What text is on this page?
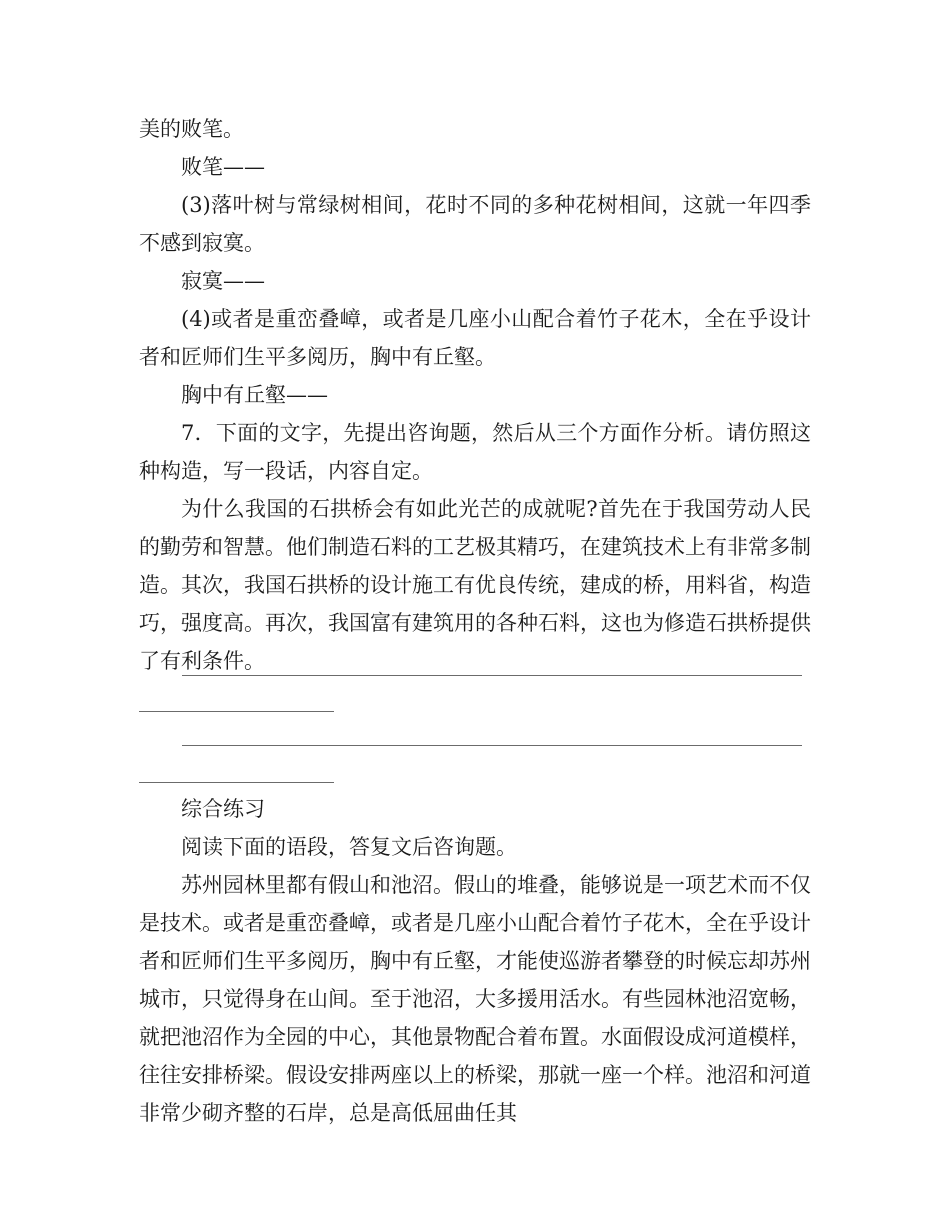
美的败笔。

败笔——

(3)落叶树与常绿树相间，花时不同的多种花树相间，这就一年四季不感到寂寞。

寂寞——

(4)或者是重峦叠嶂，或者是几座小山配合着竹子花木，全在乎设计者和匠师们生平多阅历，胸中有丘壑。

胸中有丘壑——

7．下面的文字，先提出咨询题，然后从三个方面作分析。请仿照这种构造，写一段话，内容自定。

为什么我国的石拱桥会有如此光芒的成就呢?首先在于我国劳动人民的勤劳和智慧。他们制造石料的工艺极其精巧，在建筑技术上有非常多制造。其次，我国石拱桥的设计施工有优良传统，建成的桥，用料省，构造巧，强度高。再次，我国富有建筑用的各种石料，这也为修造石拱桥提供了有利条件。

综合练习

阅读下面的语段，答复文后咨询题。

苏州园林里都有假山和池沼。假山的堆叠，能够说是一项艺术而不仅是技术。或者是重峦叠嶂，或者是几座小山配合着竹子花木，全在乎设计者和匠师们生平多阅历，胸中有丘壑，才能使巡游者攀登的时候忘却苏州城市，只觉得身在山间。至于池沼，大多援用活水。有些园林池沼宽畅，就把池沼作为全园的中心，其他景物配合着布置。水面假设成河道模样，往往安排桥梁。假设安排两座以上的桥梁，那就一座一个样。池沼和河道非常少砌齐整的石岸，总是高低屈曲任其
